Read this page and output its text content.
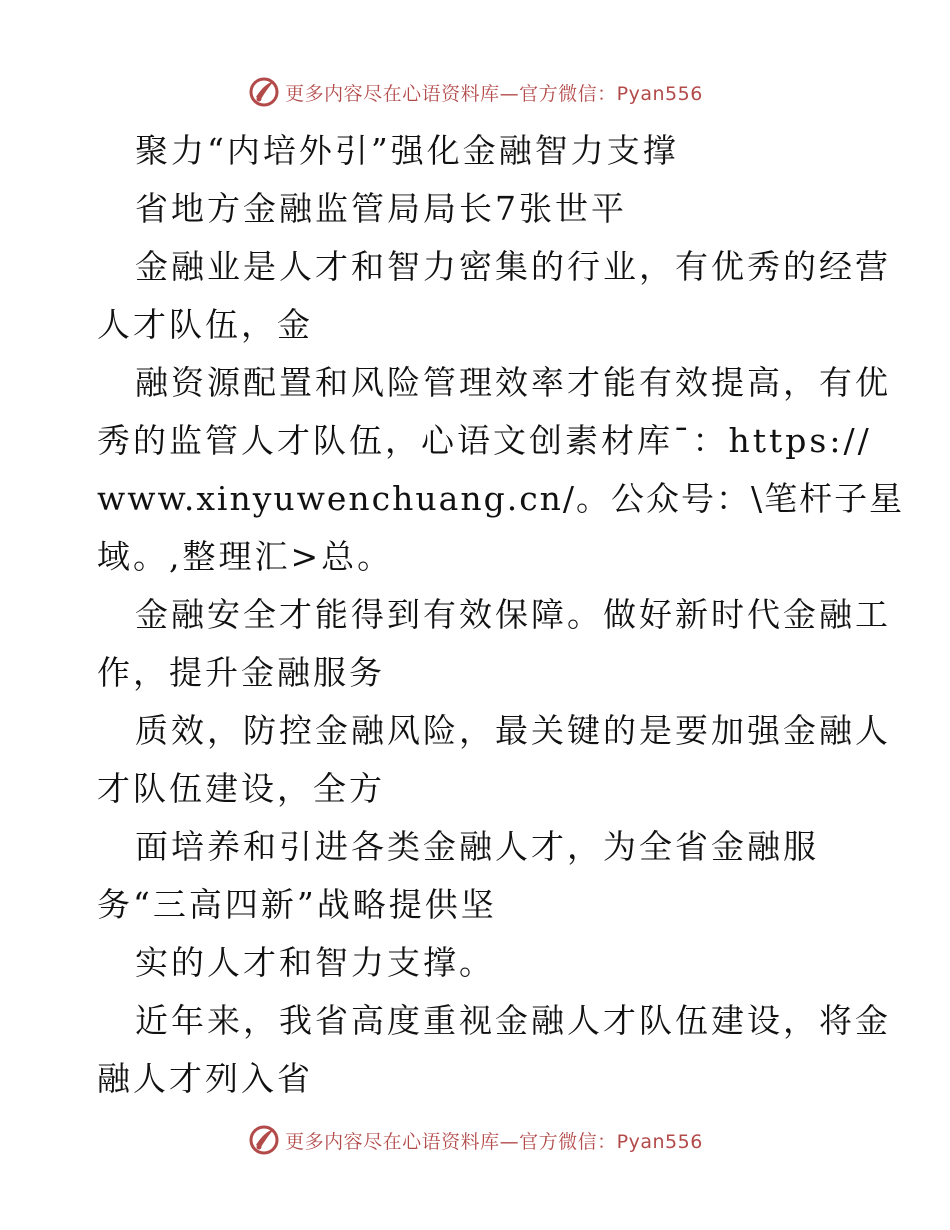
更多内容尽在心语资料库—官方微信：Pyan556
聚力“内培外引”强化金融智力支撑
省地方金融监管局局长7张世平
金融业是人才和智力密集的行业，有优秀的经营
人才队伍，金
融资源配置和风险管理效率才能有效提高，有优
秀的监管人才队伍，心语文创素材库¯：https://
www.xinyuwenchuang.cn/。公众号：\笔杆子星
域。,整理汇>总。
金融安全才能得到有效保障。做好新时代金融工
作，提升金融服务
质效，防控金融风险，最关键的是要加强金融人
才队伍建设，全方
面培养和引进各类金融人才，为全省金融服
务“三高四新”战略提供坚
实的人才和智力支撑。
近年来，我省高度重视金融人才队伍建设，将金
融人才列入省
更多内容尽在心语资料库—官方微信：Pyan556
